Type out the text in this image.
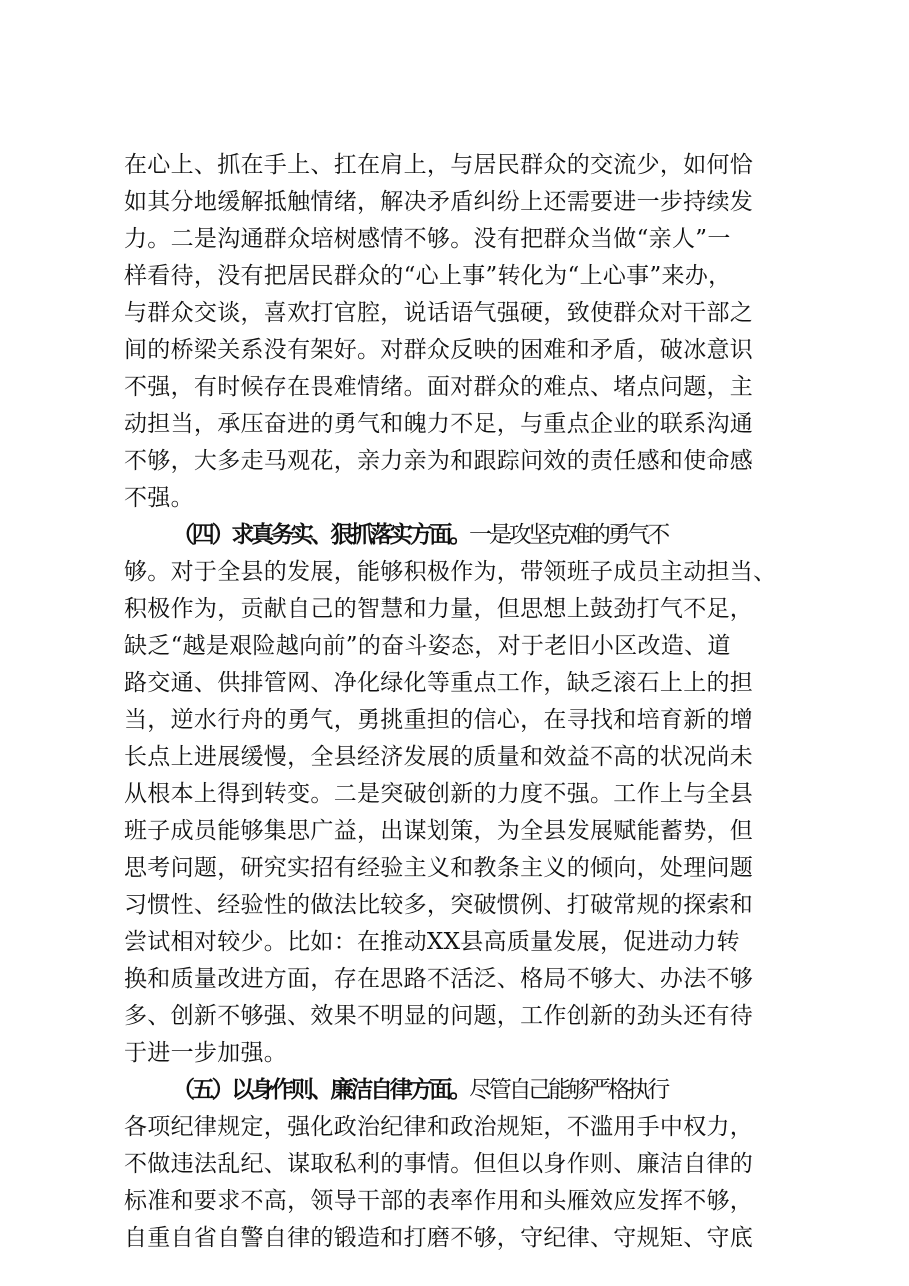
在心上、抓在手上、扛在肩上，与居民群众的交流少，如何恰
如其分地缓解抵触情绪，解决矛盾纠纷上还需要进一步持续发
力。二是沟通群众培树感情不够。没有把群众当做“亲人”一
样看待，没有把居民群众的“心上事”转化为“上心事”来办，
与群众交谈，喜欢打官腔，说话语气强硬，致使群众对干部之
间的桥梁关系没有架好。对群众反映的困难和矛盾，破冰意识
不强，有时候存在畏难情绪。面对群众的难点、堵点问题，主
动担当，承压奋进的勇气和魄力不足，与重点企业的联系沟通
不够，大多走马观花，亲力亲为和跟踪问效的责任感和使命感
不强。
（四）求真务实、狠抓落实方面。一是攻坚克难的勇气不
够。对于全县的发展，能够积极作为，带领班子成员主动担当、
积极作为，贡献自己的智慧和力量，但思想上鼓劲打气不足，
缺乏“越是艰险越向前”的奋斗姿态，对于老旧小区改造、道
路交通、供排管网、净化绿化等重点工作，缺乏滚石上上的担
当，逆水行舟的勇气，勇挑重担的信心，在寻找和培育新的增
长点上进展缓慢，全县经济发展的质量和效益不高的状况尚未
从根本上得到转变。二是突破创新的力度不强。工作上与全县
班子成员能够集思广益，出谋划策，为全县发展赋能蓄势，但
思考问题，研究实招有经验主义和教条主义的倾向，处理问题
习惯性、经验性的做法比较多，突破惯例、打破常规的探索和
尝试相对较少。比如：在推动XX县高质量发展，促进动力转
换和质量改进方面，存在思路不活泛、格局不够大、办法不够
多、创新不够强、效果不明显的问题，工作创新的劲头还有待
于进一步加强。
（五）以身作则、廉洁自律方面。尽管自己能够严格执行
各项纪律规定，强化政治纪律和政治规矩，不滥用手中权力，
不做违法乱纪、谋取私利的事情。但但以身作则、廉洁自律的
标准和要求不高，领导干部的表率作用和头雁效应发挥不够，
自重自省自警自律的锻造和打磨不够，守纪律、守规矩、守底
